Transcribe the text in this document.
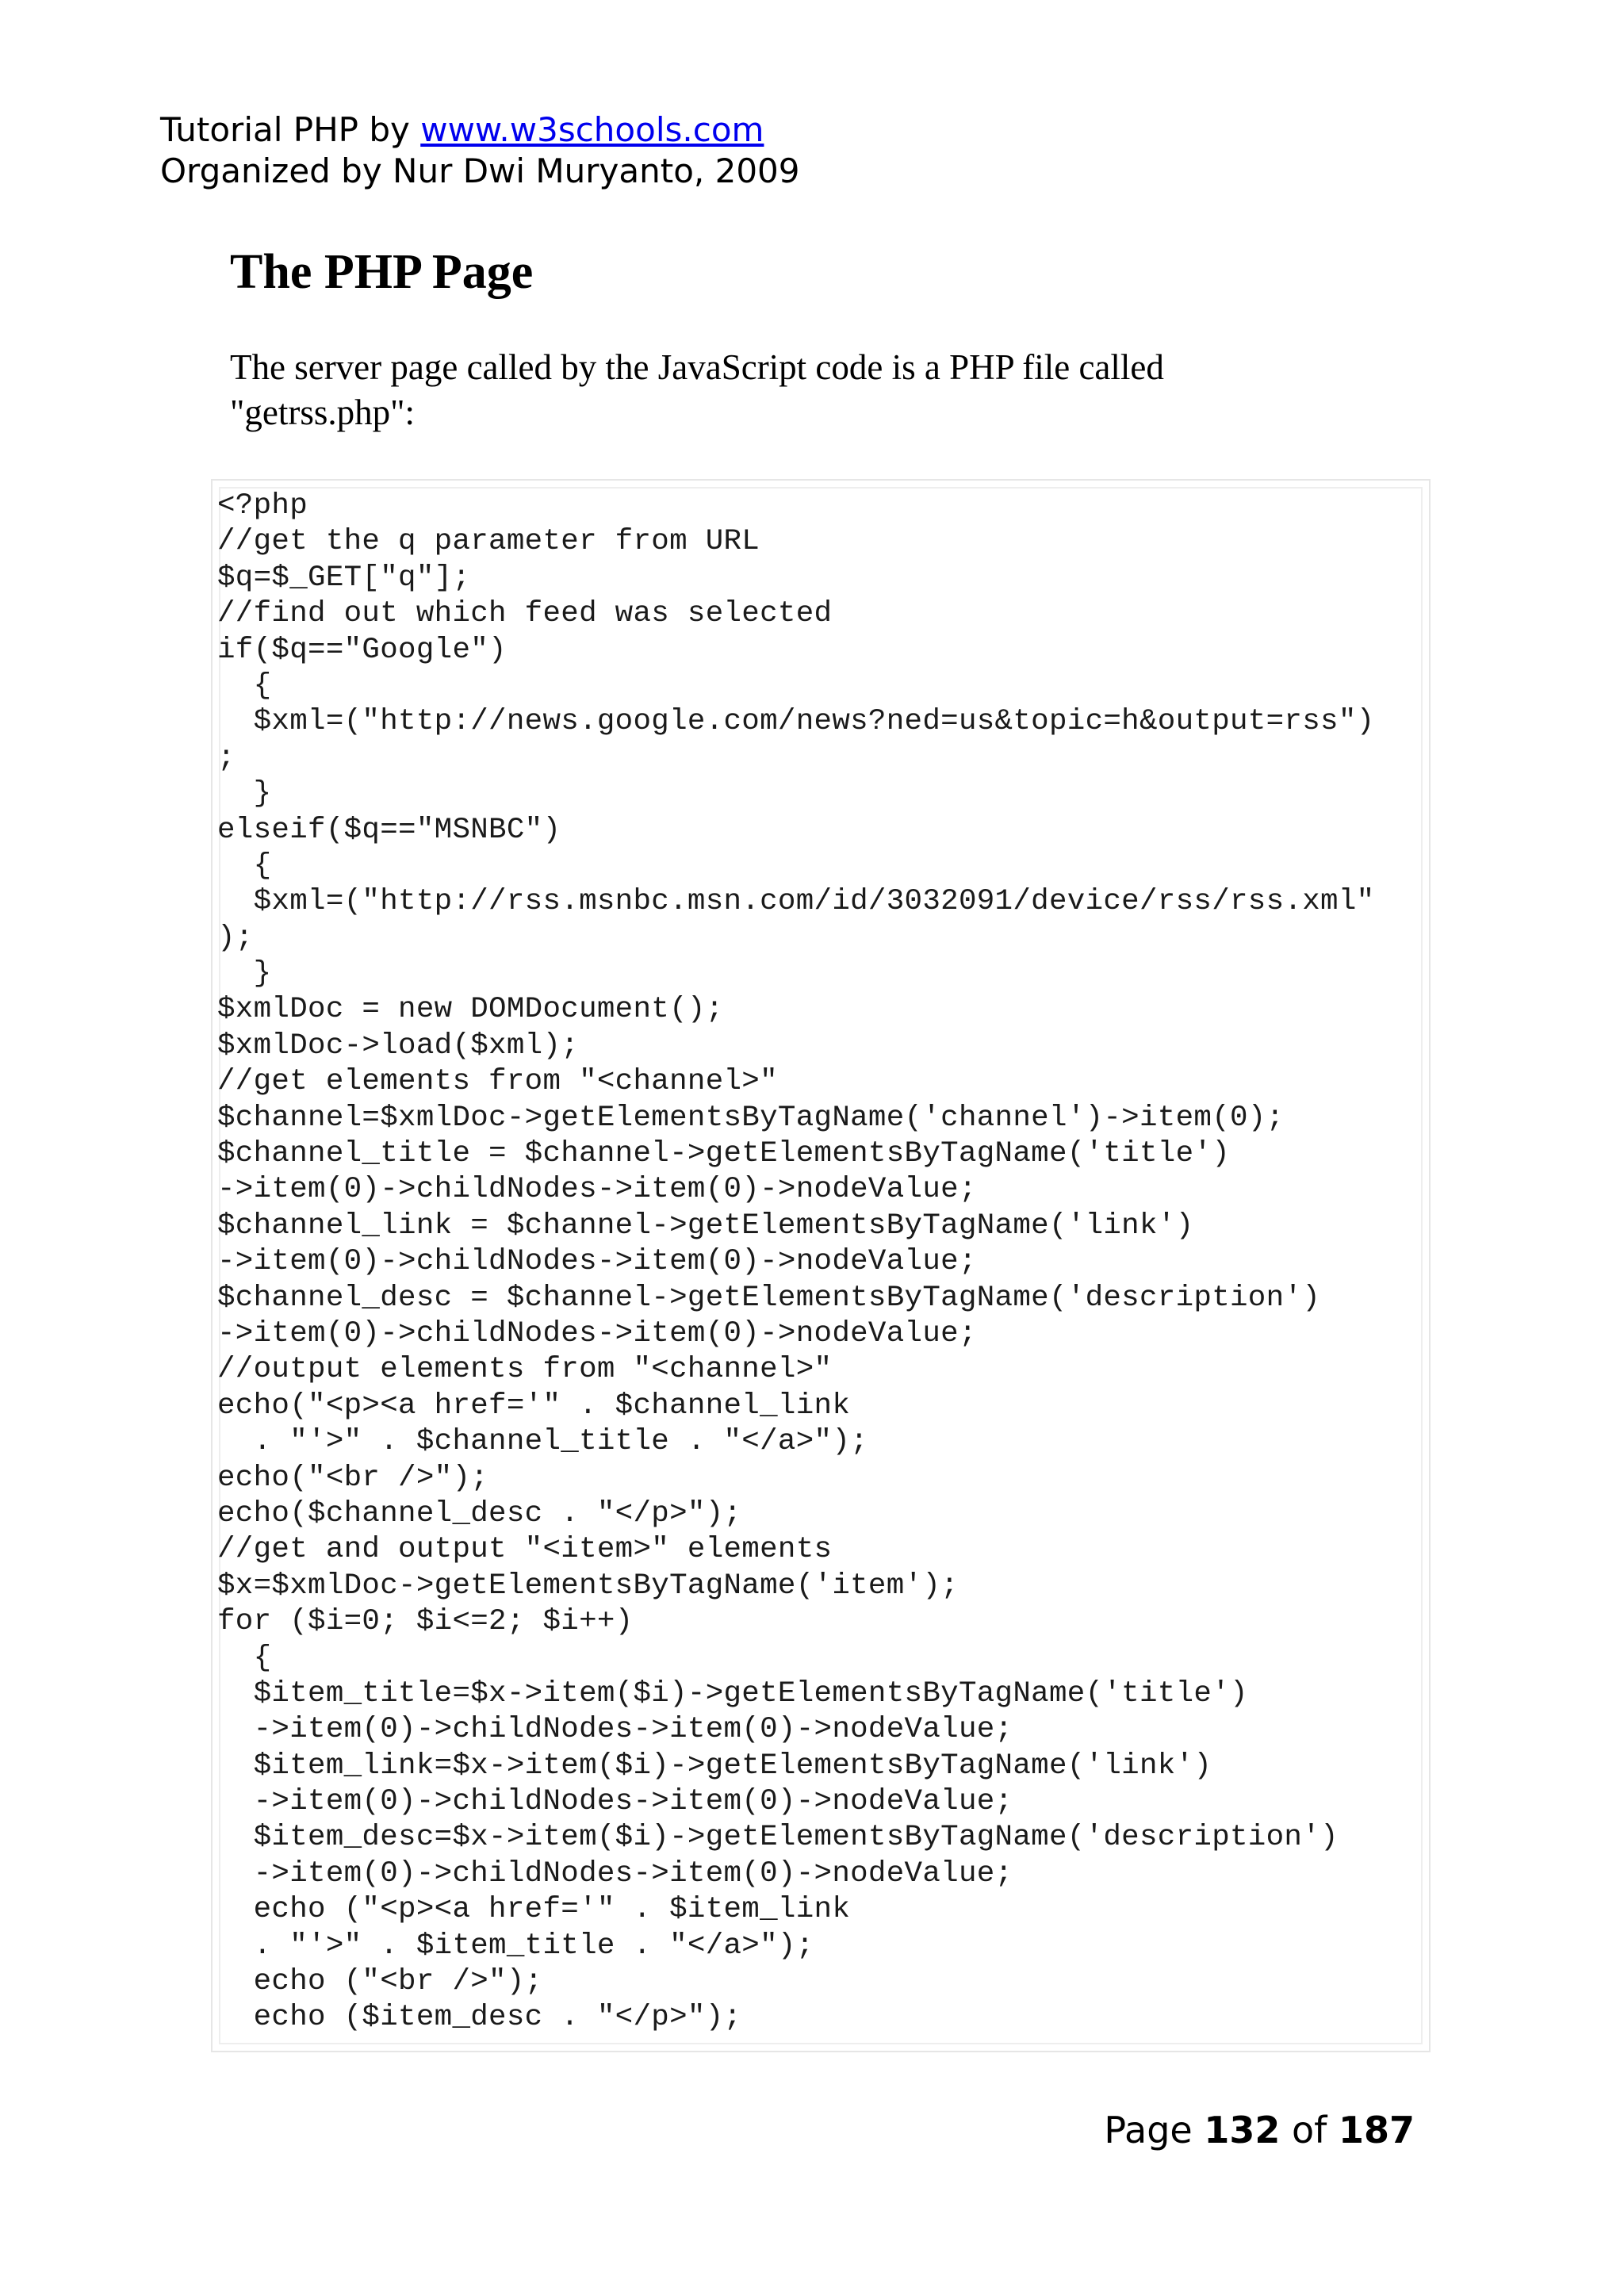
Tutorial PHP by www.w3schools.com
Organized by Nur Dwi Muryanto, 2009
The PHP Page

The server page called by the JavaScript code is a PHP file called
"getrss.php":

<?php
//get the q parameter from URL
$q=$_GET["q"];
//find out which feed was selected
if($q=="Google")
{
$xml=("http://news.google.com/news?ned=us&topic=h&output=rss")
;
}
elseif($q=="MSNBC")
{
$xml=("http://rss.msnbc.msn.com/id/3032091/device/rss/rss.xml"
);
}
$xmlDoc = new DOMDocument();
$xmlDoc->load($xml);
//get elements from "<channel>"
$channel=$xmlDoc->getElementsByTagName('channel')->item(0);
$channel_title = $channel->getElementsByTagName('title')
->item(0)->childNodes->item(0)->nodeValue;
$channel_link = $channel->getElementsByTagName('link')
->item(0)->childNodes->item(0)->nodeValue;
$channel_desc = $channel->getElementsByTagName('description')
->item(0)->childNodes->item(0)->nodeValue;
//output elements from "<channel>"
echo("<p><a href='" . $channel_link
. "'>" . $channel_title . "</a>");
echo("<br />");
echo($channel_desc . "</p>");
//get and output "<item>" elements
$x=$xmlDoc->getElementsByTagName('item');
for ($i=0; $i<=2; $i++)
{
$item_title=$x->item($i)->getElementsByTagName('title')
->item(0)->childNodes->item(0)->nodeValue;
$item_link=$x->item($i)->getElementsByTagName('link')
->item(0)->childNodes->item(0)->nodeValue;
$item_desc=$x->item($i)->getElementsByTagName('description')
->item(0)->childNodes->item(0)->nodeValue;
echo ("<p><a href='" . $item_link
. "'>" . $item_title . "</a>");
echo ("<br />");
echo ($item_desc . "</p>");
Page 132 of 187
